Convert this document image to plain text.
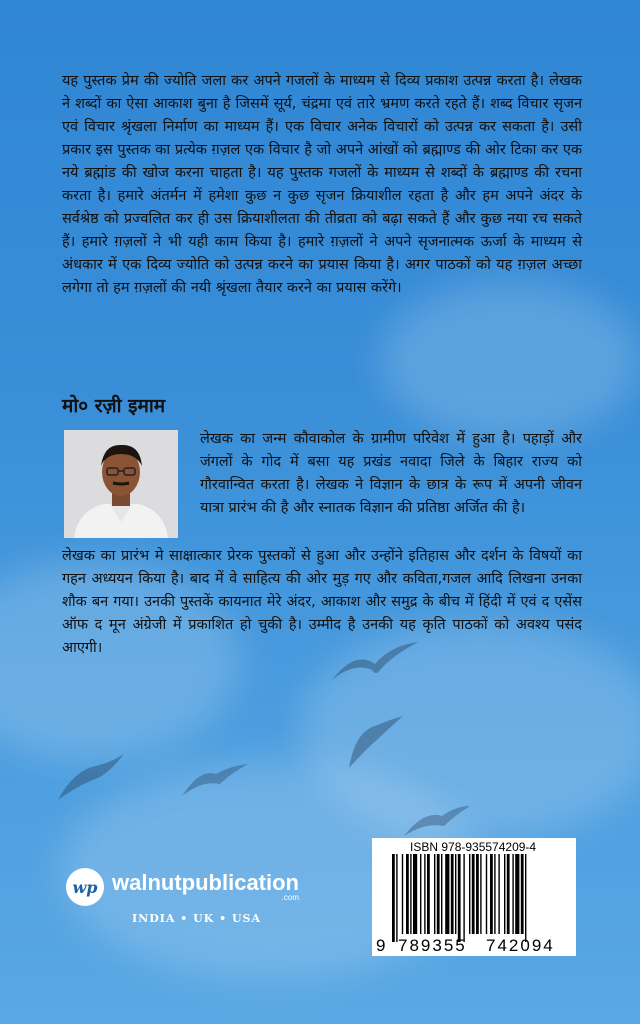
यह पुस्तक प्रेम की ज्योति जला कर अपने गजलों के माध्यम से दिव्य प्रकाश उत्पन्न करता है। लेखक ने शब्दों का ऐसा आकाश बुना है जिसमें सूर्य, चंद्रमा एवं तारे भ्रमण करते रहते हैं। शब्द विचार सृजन एवं विचार श्रृंखला निर्माण का माध्यम हैं। एक विचार अनेक विचारों को उत्पन्न कर सकता है। उसी प्रकार इस पुस्तक का प्रत्येक ग़ज़ल एक विचार है जो अपने आंखों को ब्रह्माण्ड की ओर टिका कर एक नये ब्रह्मांड की खोज करना चाहता है। यह पुस्तक गजलों के माध्यम से शब्दों के ब्रह्माण्ड की रचना करता है। हमारे अंतर्मन में हमेशा कुछ न कुछ सृजन क्रियाशील रहता है और हम अपने अंदर के सर्वश्रेष्ठ को प्रज्वलित कर ही उस क्रियाशीलता की तीव्रता को बढ़ा सकते हैं और कुछ नया रच सकते हैं। हमारे ग़ज़लों ने भी यही काम किया है। हमारे ग़ज़लों ने अपने सृजनात्मक ऊर्जा के माध्यम से अंधकार में एक दिव्य ज्योति को उत्पन्न करने का प्रयास किया है। अगर पाठकों को यह ग़ज़ल अच्छा लगेगा तो हम ग़ज़लों की नयी श्रृंखला तैयार करने का प्रयास करेंगे।
मो० रज़ी इमाम
लेखक का जन्म कौवाकोल के ग्रामीण परिवेश में हुआ है। पहाड़ों और जंगलों के गोद में बसा यह प्रखंड नवादा जिले के बिहार राज्य को गौरवान्वित करता है। लेखक ने विज्ञान के छात्र के रूप में अपनी जीवन यात्रा प्रारंभ की है और स्नातक विज्ञान की प्रतिष्ठा अर्जित की है।
लेखक का प्रारंभ मे साक्षात्कार प्रेरक पुस्तकों से हुआ और उन्होंने इतिहास और दर्शन के विषयों का गहन अध्ययन किया है। बाद में वे साहित्य की ओर मुड़ गए और कविता,गजल आदि लिखना उनका शौक बन गया। उनकी पुस्तकें कायनात मेरे अंदर, आकाश और समुद्र के बीच में हिंदी में एवं द एसेंस ऑफ द मून अंग्रेजी में प्रकाशित हो चुकी है। उम्मीद है उनकी यह कृति पाठकों को अवश्य पसंद आएगी।
wp walnutpublication
.com
INDIA • UK • USA
ISBN 978-935574209-4
9 789355 742094
